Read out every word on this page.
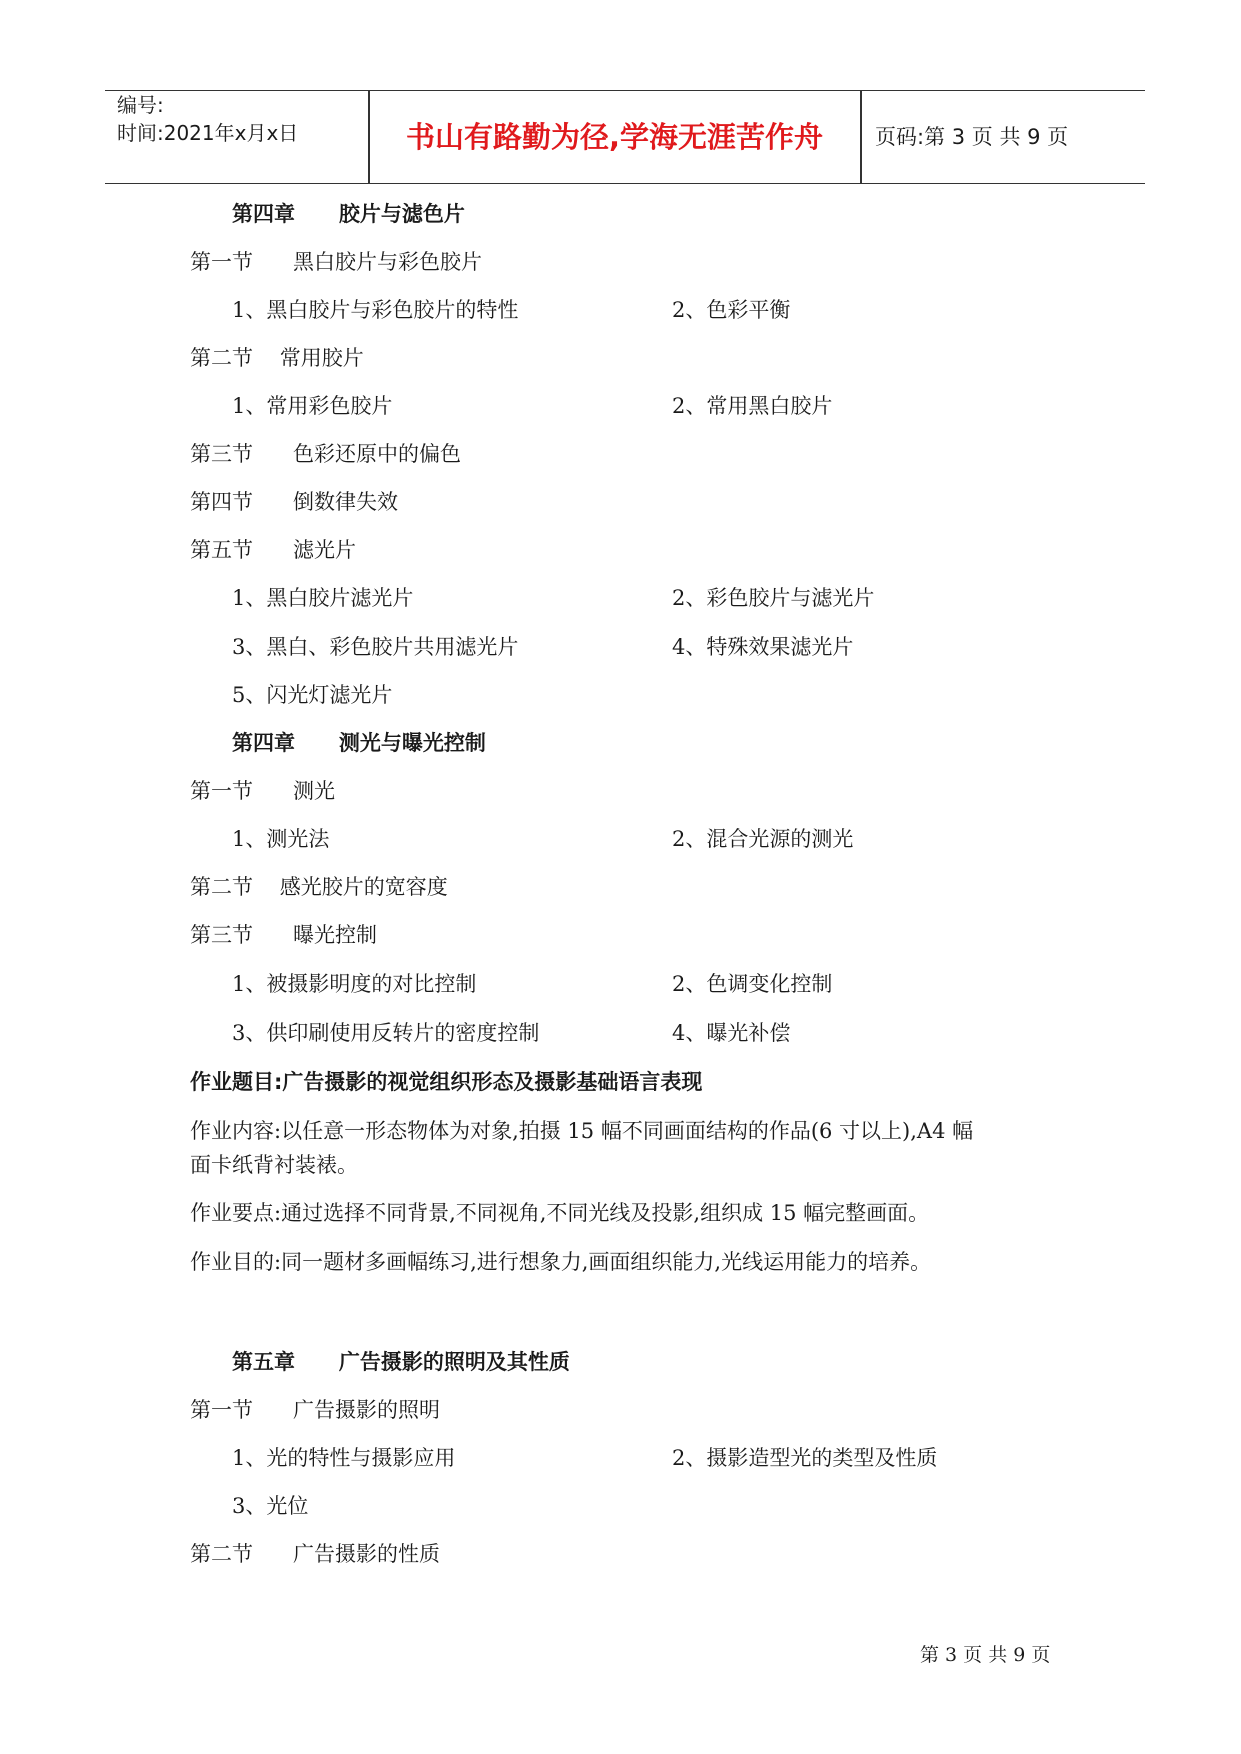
编号:
时间:2021年x月x日	书山有路勤为径,学海无涯苦作舟	页码:第 3 页 共 9 页
第四章      胶片与滤色片
第一节      黑白胶片与彩色胶片
1、黑白胶片与彩色胶片的特性	2、色彩平衡
第二节    常用胶片
1、常用彩色胶片	2、常用黑白胶片
第三节      色彩还原中的偏色
第四节      倒数律失效
第五节      滤光片
1、黑白胶片滤光片	2、彩色胶片与滤光片
3、黑白、彩色胶片共用滤光片	4、特殊效果滤光片
5、闪光灯滤光片
第四章      测光与曝光控制
第一节      测光
1、测光法	2、混合光源的测光
第二节    感光胶片的宽容度
第三节      曝光控制
1、被摄影明度的对比控制	2、色调变化控制
3、供印刷使用反转片的密度控制	4、曝光补偿
作业题目:广告摄影的视觉组织形态及摄影基础语言表现
作业内容:以任意一形态物体为对象,拍摄 15 幅不同画面结构的作品(6 寸以上),A4 幅
面卡纸背衬装裱。
作业要点:通过选择不同背景,不同视角,不同光线及投影,组织成 15 幅完整画面。
作业目的:同一题材多画幅练习,进行想象力,画面组织能力,光线运用能力的培养。
第五章      广告摄影的照明及其性质
第一节      广告摄影的照明
1、光的特性与摄影应用	2、摄影造型光的类型及性质
3、光位
第二节      广告摄影的性质
第 3 页 共 9 页
